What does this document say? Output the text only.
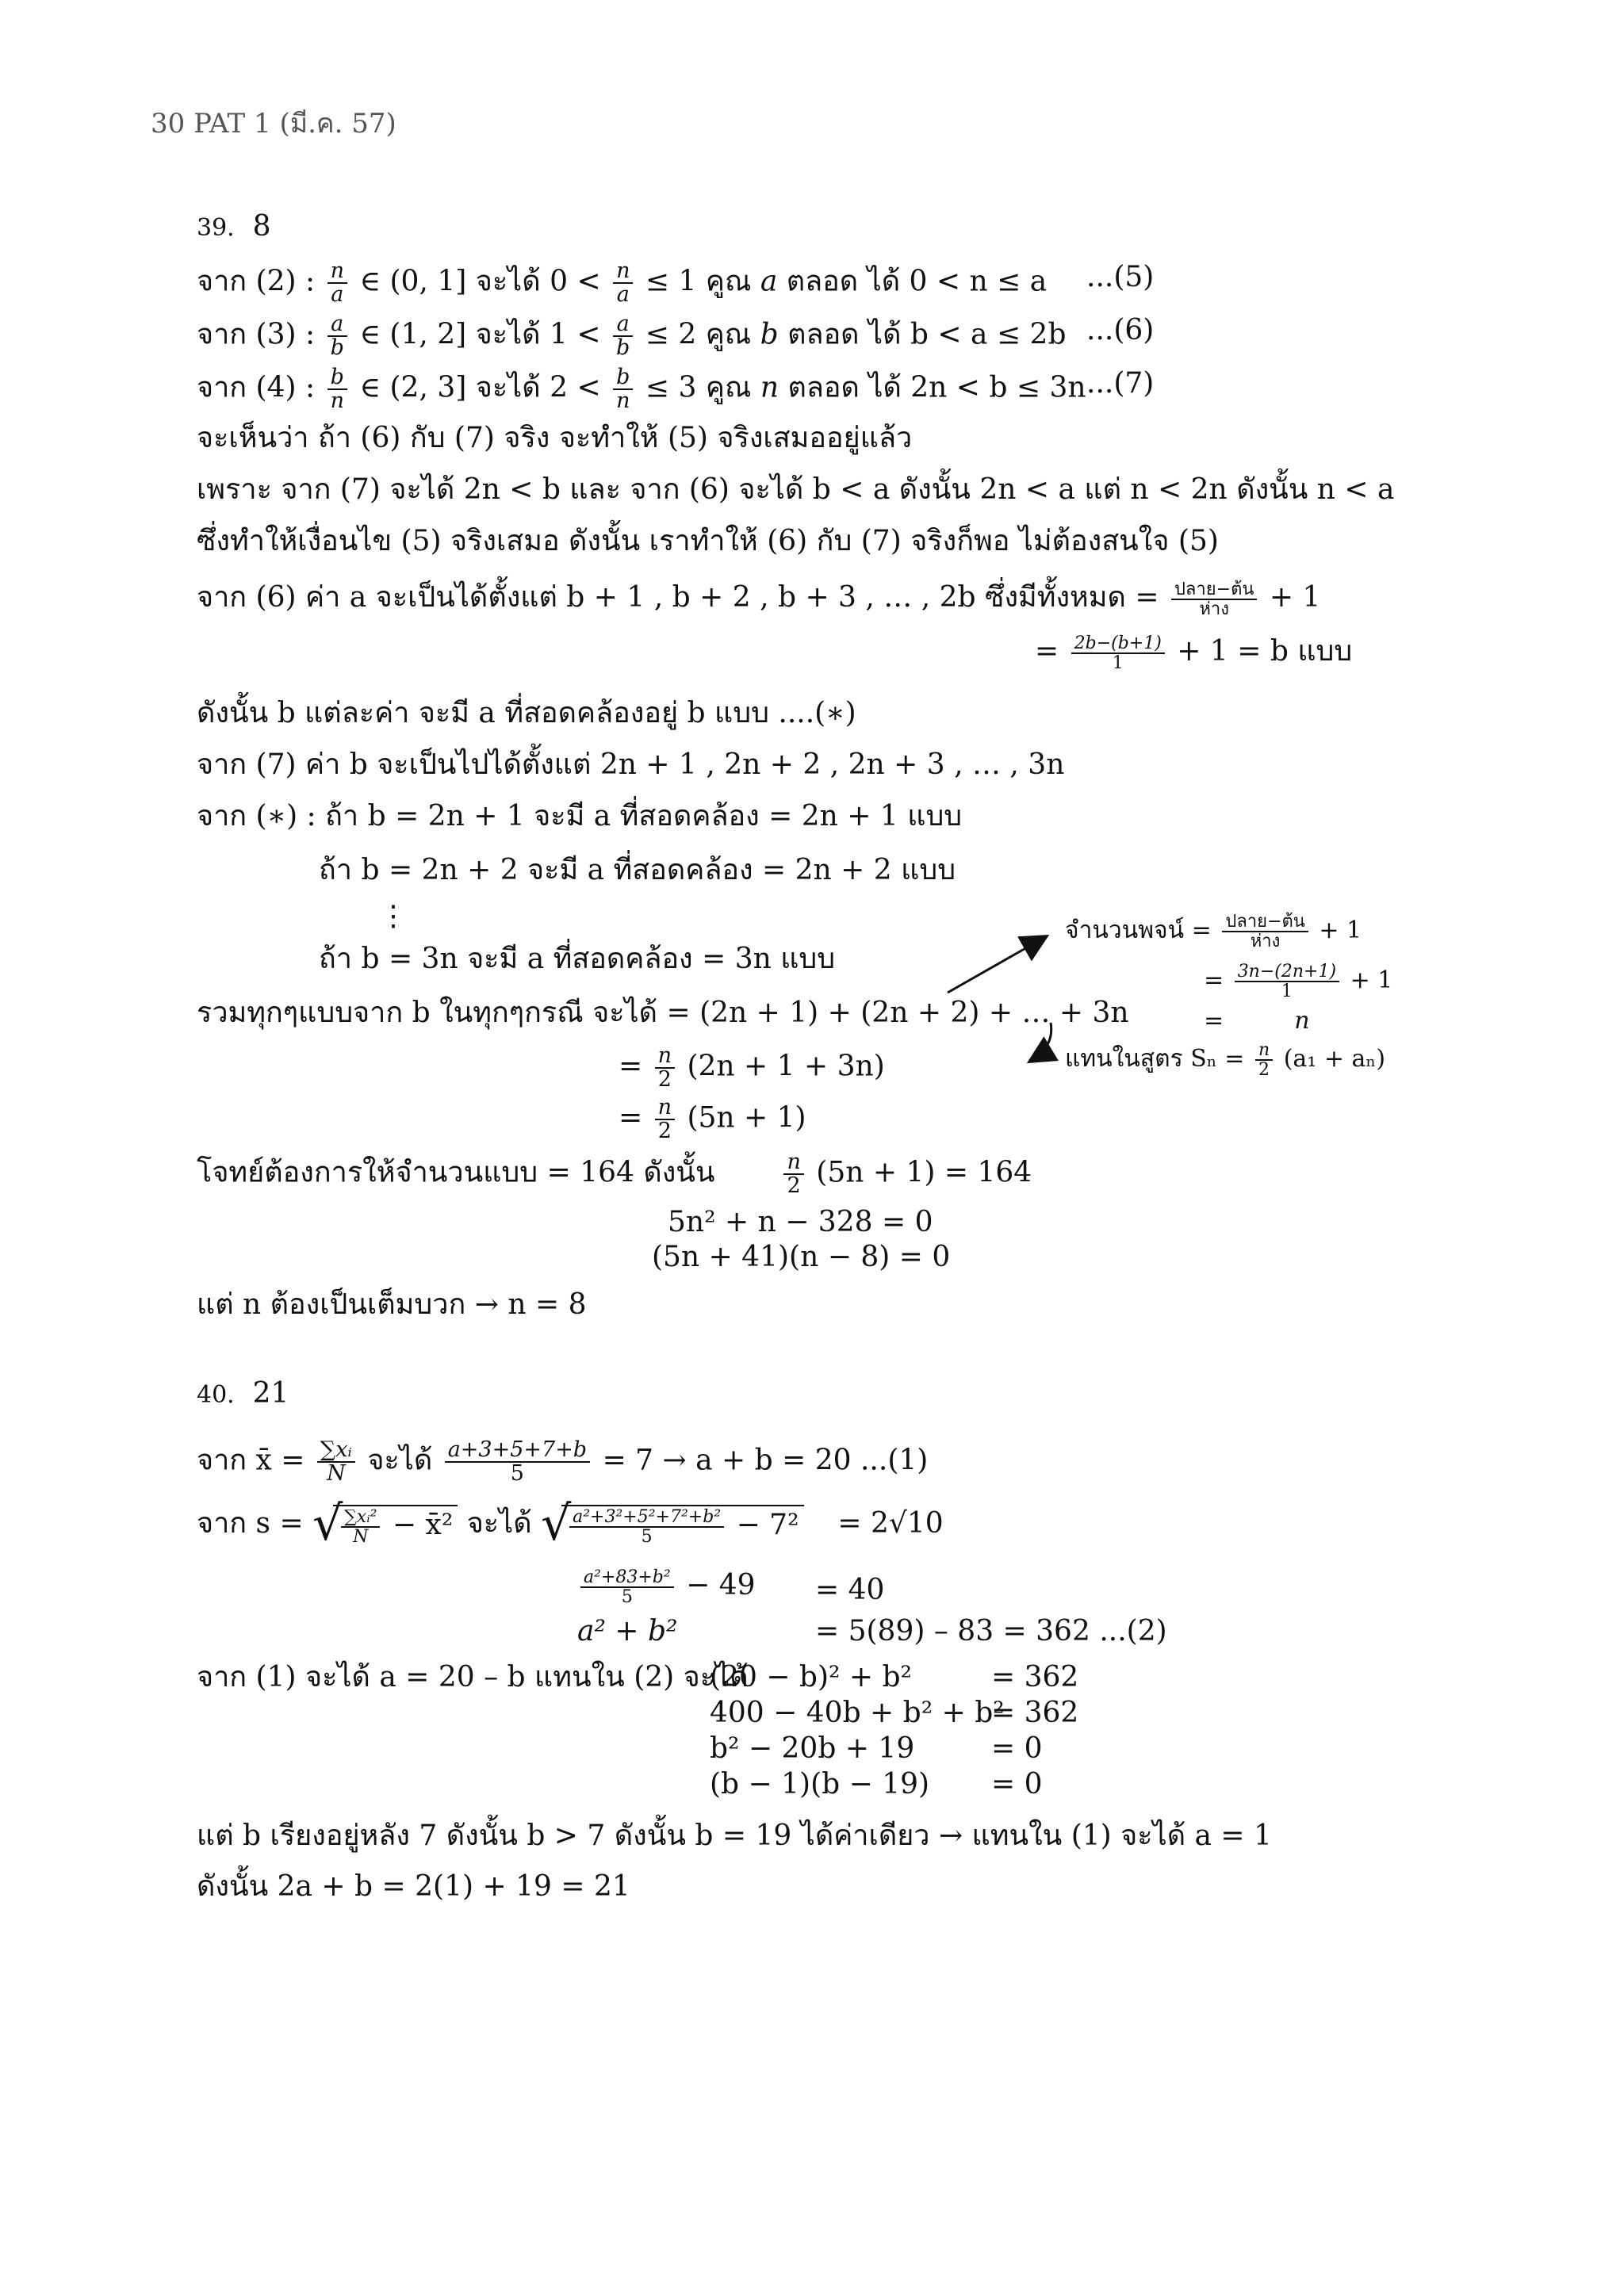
30 PAT 1 (มี.ค. 57)
39. 8
จาก (2) : $\frac{n}{a}$ ∈ (0, 1] จะได้ $0 < \frac{n}{a} \le 1$ คูณ a ตลอด ได้ 0 < n ≤ a ...(5)
จาก (3) : $\frac{a}{b}$ ∈ (1, 2] จะได้ $1 < \frac{a}{b} \le 2$ คูณ b ตลอด ได้ b < a ≤ 2b ...(6)
จาก (4) : $\frac{b}{n}$ ∈ (2, 3] จะได้ $2 < \frac{b}{n} \le 3$ คูณ n ตลอด ได้ 2n < b ≤ 3n ...(7)
จะเห็นว่า ถ้า (6) กับ (7) จริง จะทำให้ (5) จริงเสมออยู่แล้ว
เพราะ จาก (7) จะได้ 2n < b และ จาก (6) จะได้ b < a ดังนั้น 2n < a แต่ n < 2n ดังนั้น n < a
ซึ่งทำให้เงื่อนไข (5) จริงเสมอ ดังนั้น เราทำให้ (6) กับ (7) จริงก็พอ ไม่ต้องสนใจ (5)
จาก (6) ค่า a จะเป็นได้ตั้งแต่ b + 1 , b + 2 , b + 3 , … , 2b ซึ่งมีทั้งหมด = $\frac{\text{ปลาย−ต้น}}{\text{ห่าง}} + 1$
= $\frac{2b-(b+1)}{1} + 1 = b$ แบบ
ดังนั้น b แต่ละค่า จะมี a ที่สอดคล้องอยู่ b แบบ ....(∗)
จาก (7) ค่า b จะเป็นไปได้ตั้งแต่ 2n + 1 , 2n + 2 , 2n + 3 , … , 3n
จาก (∗) : ถ้า b = 2n + 1 จะมี a ที่สอดคล้อง = 2n + 1 แบบ
ถ้า b = 2n + 2 จะมี a ที่สอดคล้อง = 2n + 2 แบบ
⋮
ถ้า b = 3n จะมี a ที่สอดคล้อง = 3n แบบ
รวมทุกๆแบบจาก b ในทุกๆกรณี จะได้ = (2n + 1) + (2n + 2) + … + 3n
= $\frac{n}{2} (2n + 1 + 3n)$
= $\frac{n}{2} (5n + 1)$
โจทย์ต้องการให้จำนวนแบบ = 164 ดังนั้น	$\frac{n}{2} (5n + 1) = 164$
5n² + n − 328 = 0
(5n + 41)(n − 8) = 0
แต่ n ต้องเป็นเต็มบวก → n = 8
จำนวนพจน์ = $\frac{\text{ปลาย−ต้น}}{\text{ห่าง}} + 1$
= $\frac{3n-(2n+1)}{1} + 1$
=	n
แทนในสูตร $S_n = \frac{n}{2} (a_1 + a_n)$
40. 21
จาก x̄ = $\frac{\text{∑xᵢ}}{N}$ จะได้ $\frac{a+3+5+7+b}{5} = 7 \to a + b = 20$ ...(1)
จาก s = √
$\frac{\text{∑xᵢ²}}{N}$ − x̄² จะได้ √
$\frac{\text{a²+3²+5²+7²+b²}}{5} - 7^2 = 2√10$
$\frac{\text{a²+83+b²}}{5} - 49 = 40$
a² + b²	= 5(89) – 83 = 362 ...(2)
จาก (1) จะได้ a = 20 – b แทนใน (2) จะได้
(20 − b)² + b²	= 362
400 − 40b + b² + b²
= 362
b² − 20b + 19	= 0
(b − 1)(b − 19) = 0
แต่ b เรียงอยู่หลัง 7 ดังนั้น b > 7 ดังนั้น b = 19 ได้ค่าเดียว → แทนใน (1) จะได้ a = 1
ดังนั้น 2a + b = 2(1) + 19 = 21
